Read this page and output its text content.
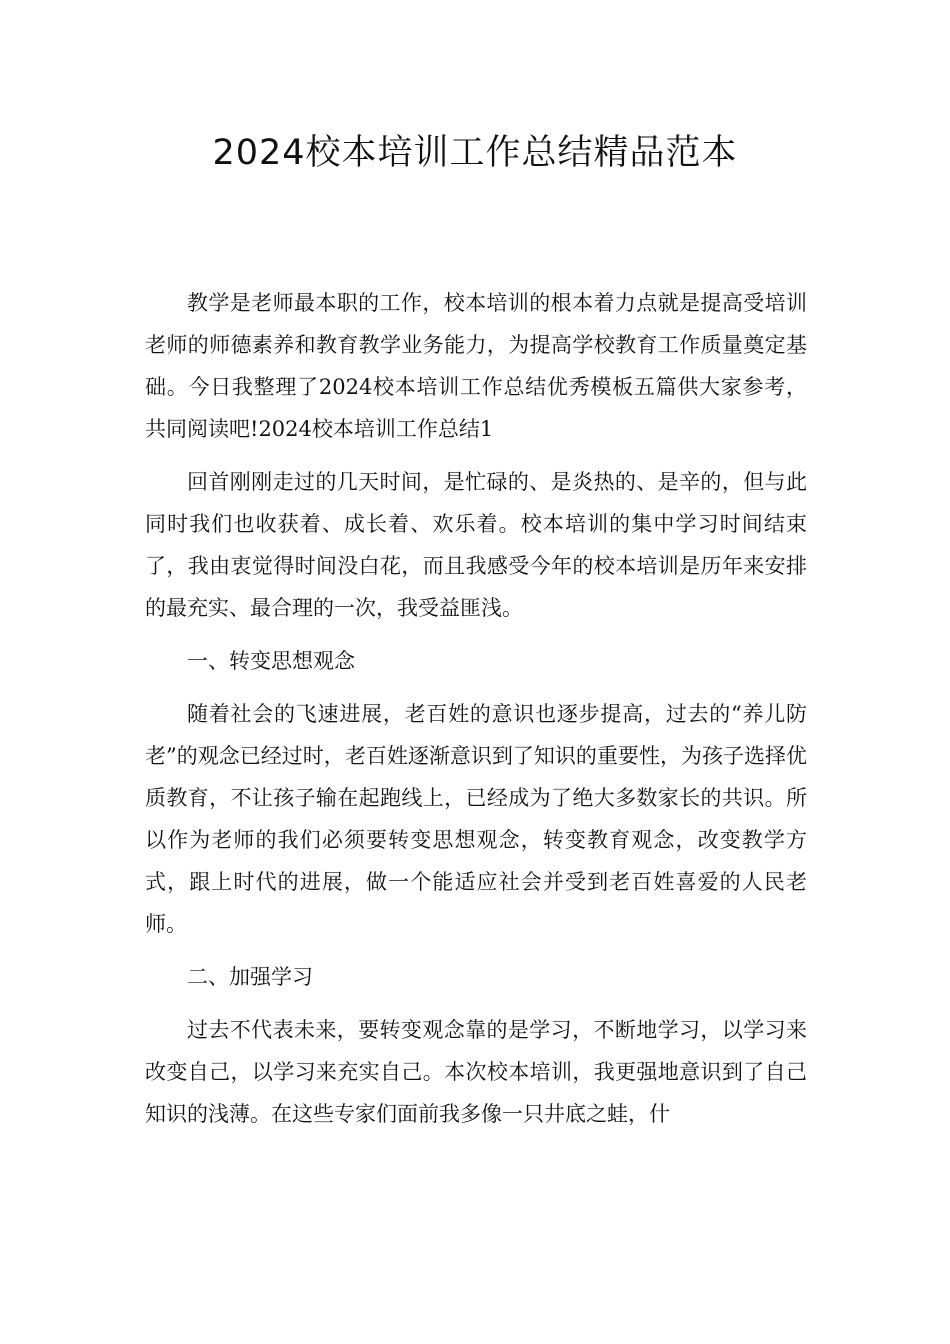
2024校本培训工作总结精品范本

教学是老师最本职的工作，校本培训的根本着力点就是提高受培训老师的师德素养和教育教学业务能力，为提高学校教育工作质量奠定基础。今日我整理了2024校本培训工作总结优秀模板五篇供大家参考，共同阅读吧!2024校本培训工作总结1

回首刚刚走过的几天时间，是忙碌的、是炎热的、是辛的，但与此同时我们也收获着、成长着、欢乐着。校本培训的集中学习时间结束了，我由衷觉得时间没白花，而且我感受今年的校本培训是历年来安排的最充实、最合理的一次，我受益匪浅。

一、转变思想观念

随着社会的飞速进展，老百姓的意识也逐步提高，过去的“养儿防老”的观念已经过时，老百姓逐渐意识到了知识的重要性，为孩子选择优质教育，不让孩子输在起跑线上，已经成为了绝大多数家长的共识。所以作为老师的我们必须要转变思想观念，转变教育观念，改变教学方式，跟上时代的进展，做一个能适应社会并受到老百姓喜爱的人民老师。

二、加强学习

过去不代表未来，要转变观念靠的是学习，不断地学习，以学习来改变自己，以学习来充实自己。本次校本培训，我更强地意识到了自己知识的浅薄。在这些专家们面前我多像一只井底之蛙，什
